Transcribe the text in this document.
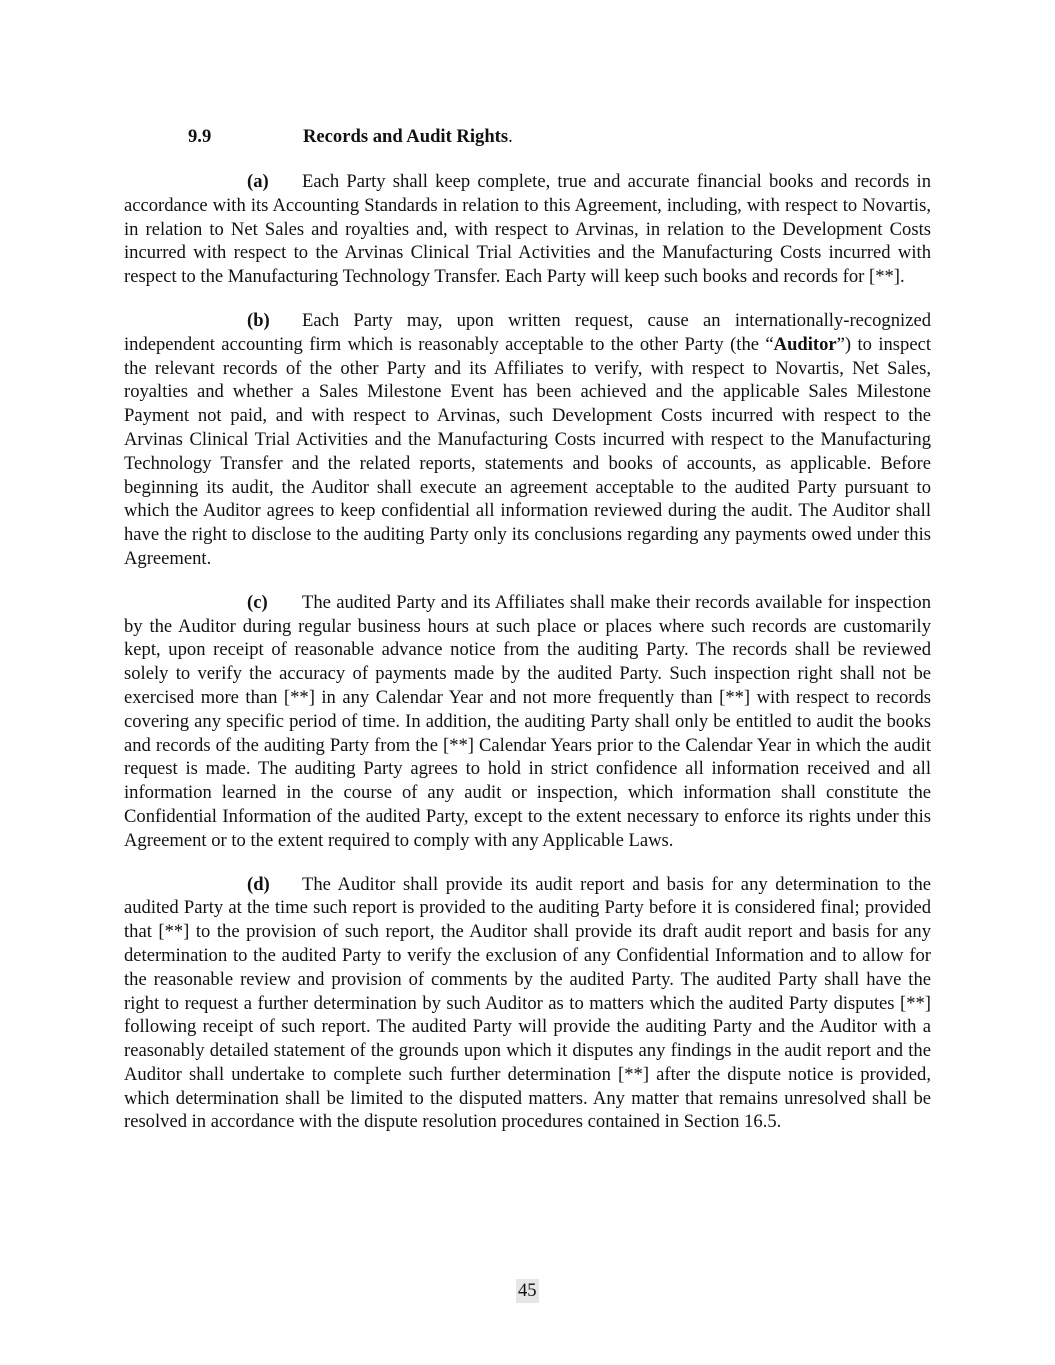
9.9	Records and Audit Rights.

(a) Each Party shall keep complete, true and accurate financial books and records in accordance with its Accounting Standards in relation to this Agreement, including, with respect to Novartis, in relation to Net Sales and royalties and, with respect to Arvinas, in relation to the Development Costs incurred with respect to the Arvinas Clinical Trial Activities and the Manufacturing Costs incurred with respect to the Manufacturing Technology Transfer. Each Party will keep such books and records for [**].

(b) Each Party may, upon written request, cause an internationally-recognized independent accounting firm which is reasonably acceptable to the other Party (the “Auditor”) to inspect the relevant records of the other Party and its Affiliates to verify, with respect to Novartis, Net Sales, royalties and whether a Sales Milestone Event has been achieved and the applicable Sales Milestone Payment not paid, and with respect to Arvinas, such Development Costs incurred with respect to the Arvinas Clinical Trial Activities and the Manufacturing Costs incurred with respect to the Manufacturing Technology Transfer and the related reports, statements and books of accounts, as applicable. Before beginning its audit, the Auditor shall execute an agreement acceptable to the audited Party pursuant to which the Auditor agrees to keep confidential all information reviewed during the audit. The Auditor shall have the right to disclose to the auditing Party only its conclusions regarding any payments owed under this Agreement.

(c) The audited Party and its Affiliates shall make their records available for inspection by the Auditor during regular business hours at such place or places where such records are customarily kept, upon receipt of reasonable advance notice from the auditing Party. The records shall be reviewed solely to verify the accuracy of payments made by the audited Party. Such inspection right shall not be exercised more than [**] in any Calendar Year and not more frequently than [**] with respect to records covering any specific period of time. In addition, the auditing Party shall only be entitled to audit the books and records of the auditing Party from the [**] Calendar Years prior to the Calendar Year in which the audit request is made. The auditing Party agrees to hold in strict confidence all information received and all information learned in the course of any audit or inspection, which information shall constitute the Confidential Information of the audited Party, except to the extent necessary to enforce its rights under this Agreement or to the extent required to comply with any Applicable Laws.

(d) The Auditor shall provide its audit report and basis for any determination to the audited Party at the time such report is provided to the auditing Party before it is considered final; provided that [**] to the provision of such report, the Auditor shall provide its draft audit report and basis for any determination to the audited Party to verify the exclusion of any Confidential Information and to allow for the reasonable review and provision of comments by the audited Party. The audited Party shall have the right to request a further determination by such Auditor as to matters which the audited Party disputes [**] following receipt of such report. The audited Party will provide the auditing Party and the Auditor with a reasonably detailed statement of the grounds upon which it disputes any findings in the audit report and the Auditor shall undertake to complete such further determination [**] after the dispute notice is provided, which determination shall be limited to the disputed matters. Any matter that remains unresolved shall be resolved in accordance with the dispute resolution procedures contained in Section 16.5.

45
